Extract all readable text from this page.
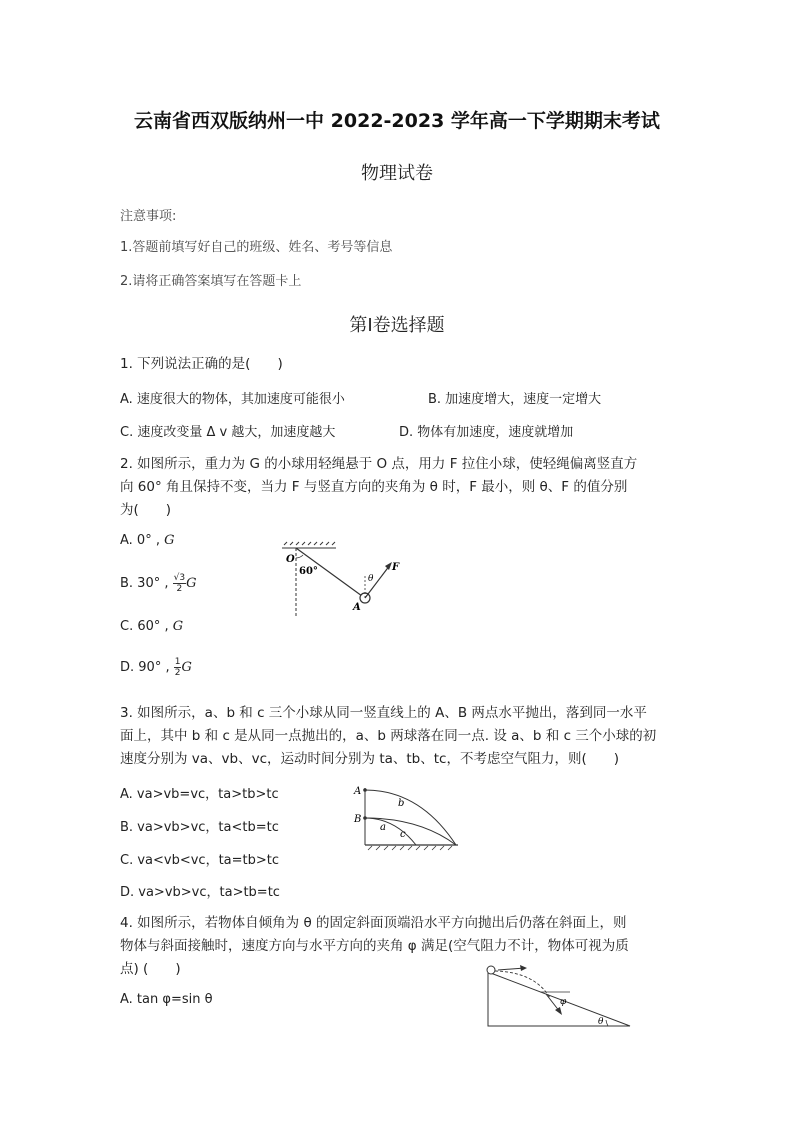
云南省西双版纳州一中 2022-2023 学年高一下学期期末考试
物理试卷
注意事项:
1.答题前填写好自己的班级、姓名、考号等信息
2.请将正确答案填写在答题卡上
第Ⅰ卷选择题
1. 下列说法正确的是(　　)
A. 速度很大的物体，其加速度可能很小	B. 加速度增大，速度一定增大
C. 速度改变量 Δ v 越大，加速度越大	D. 物体有加速度，速度就增加
2. 如图所示，重力为 G 的小球用轻绳悬于 O 点，用力 F 拉住小球，使轻绳偏离竖直方
向 60° 角且保持不变，当力 F 与竖直方向的夹角为 θ 时，F 最小，则 θ、F 的值分别
为(　　)
A. 0° , G
B. 30° , $\frac{√3}{2}$ G
C. 60° , G
D. 90° , $\frac{1}{2}$ G
O
60°
θ
F
A
3. 如图所示，a、b 和 c 三个小球从同一竖直线上的 A、B 两点水平抛出，落到同一水平
面上，其中 b 和 c 是从同一点抛出的，a、b 两球落在同一点. 设 a、b 和 c 三个小球的初
速度分别为 va、vb、vc，运动时间分别为 ta、tb、tc，不考虑空气阻力，则(　　)
A. va>vb=vc，ta>tb>tc
B. va>vb>vc，ta<tb=tc
C. va<vb<vc，ta=tb>tc
D. va>vb>vc，ta>tb=tc
A
B
b
a
c
4. 如图所示，若物体自倾角为 θ 的固定斜面顶端沿水平方向抛出后仍落在斜面上，则
物体与斜面接触时，速度方向与水平方向的夹角 φ 满足(空气阻力不计，物体可视为质
点) (　　)
A. tan φ=sin θ	φ
θ
